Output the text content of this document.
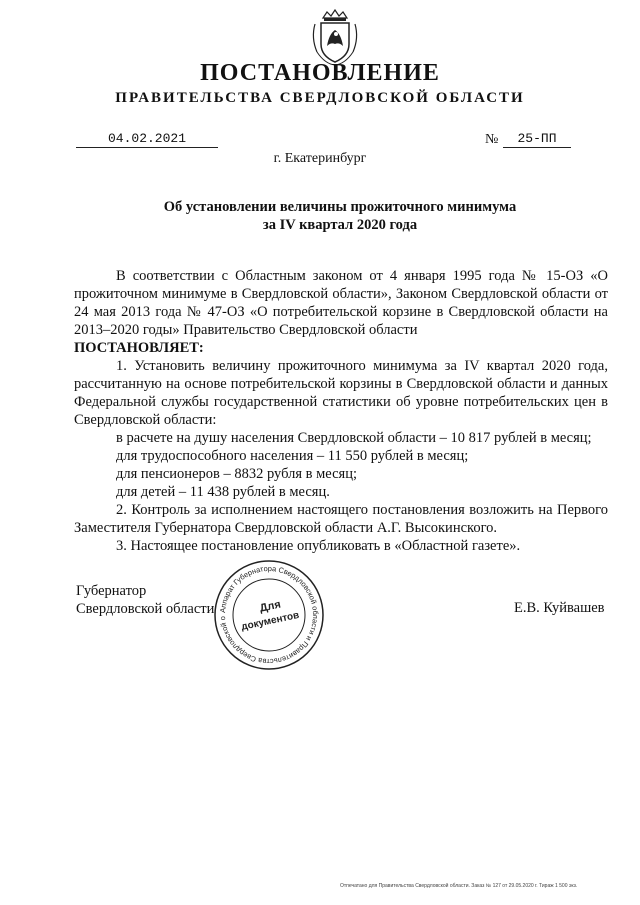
ПОСТАНОВЛЕНИЕ
ПРАВИТЕЛЬСТВА СВЕРДЛОВСКОЙ ОБЛАСТИ
04.02.2021	№	25-ПП
г. Екатеринбург
Об установлении величины прожиточного минимума
за IV квартал 2020 года

В соответствии с Областным законом от 4 января 1995 года № 15-ОЗ «О прожиточном минимуме в Свердловской области», Законом Свердловской области от 24 мая 2013 года № 47-ОЗ «О потребительской корзине в Свердловской области на 2013–2020 годы» Правительство Свердловской области

ПОСТАНОВЛЯЕТ:

1. Установить величину прожиточного минимума за IV квартал 2020 года, рассчитанную на основе потребительской корзины в Свердловской области и данных Федеральной службы государственной статистики об уровне потребительских цен в Свердловской области:

в расчете на душу населения Свердловской области – 10 817 рублей в месяц;

для трудоспособного населения – 11 550 рублей в месяц;

для пенсионеров – 8832 рубля в месяц;

для детей – 11 438 рублей в месяц.

2. Контроль за исполнением настоящего постановления возложить на Первого Заместителя Губернатора Свердловской области А.Г. Высокинского.

3. Настоящее постановление опубликовать в «Областной газете».

Губернатор
Свердловской области	Е.В. Куйвашев
Аппарат Губернатора Свердловской области и Правительства Свердловской о
Для
документов
Отпечатано для Правительства Свердловской области. Заказ № 127 от 29.05.2020 г. Тираж 1 500 экз.
